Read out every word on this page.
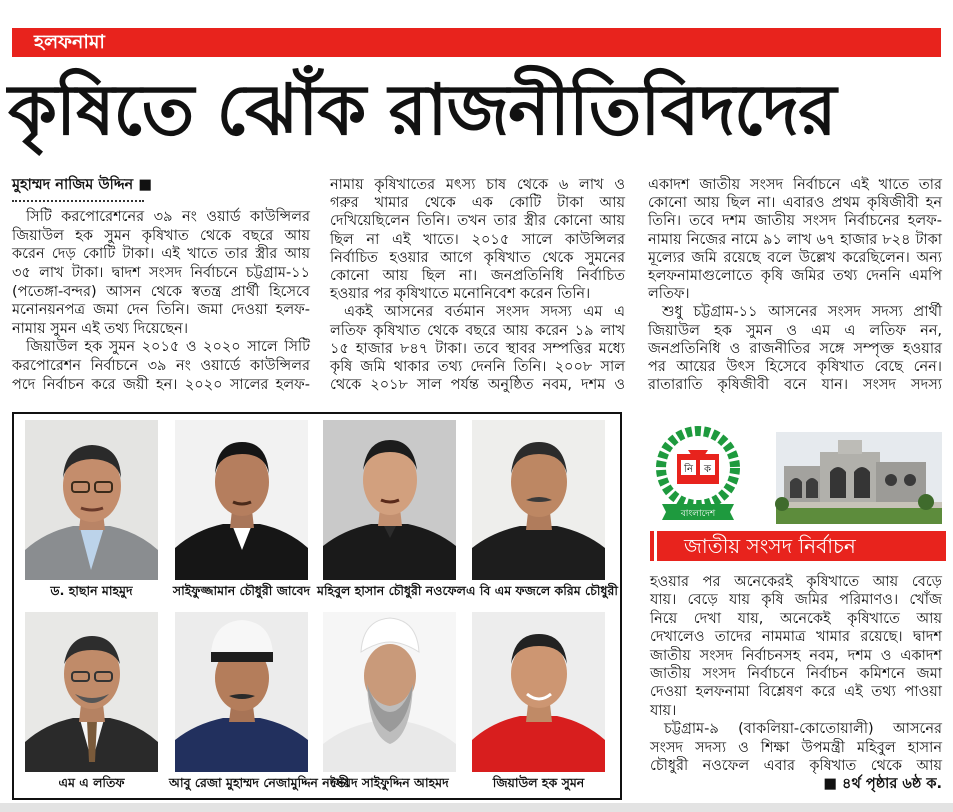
হলফনামা
কৃষিতে ঝোঁক রাজনীতিবিদদের
মুহাম্মদ নাজিম উদ্দিন ■
সিটি করপোরেশনের ৩৯ নং ওয়ার্ড কাউন্সিলর
জিয়াউল হক সুমন কৃষিখাত থেকে বছরে আয়
করেন দেড় কোটি টাকা। এই খাতে তার স্ত্রীর আয়
৩৫ লাখ টাকা। দ্বাদশ সংসদ নির্বাচনে চট্টগ্রাম-১১
(পতেঙ্গা-বন্দর) আসন থেকে স্বতন্ত্র প্রার্থী হিসেবে
মনোনয়নপত্র জমা দেন তিনি। জমা দেওয়া হলফ-
নামায় সুমন এই তথ্য দিয়েছেন।
জিয়াউল হক সুমন ২০১৫ ও ২০২০ সালে সিটি
করপোরেশন নির্বাচনে ৩৯ নং ওয়ার্ডে কাউন্সিলর
পদে নির্বাচন করে জয়ী হন। ২০২০ সালের হলফ-
নামায় কৃষিখাতের মৎস্য চাষ থেকে ৬ লাখ ও
গরুর খামার থেকে এক কোটি টাকা আয়
দেখিয়েছিলেন তিনি। তখন তার স্ত্রীর কোনো আয়
ছিল না এই খাতে। ২০১৫ সালে কাউন্সিলর
নির্বাচিত হওয়ার আগে কৃষিখাত থেকে সুমনের
কোনো আয় ছিল না। জনপ্রতিনিধি নির্বাচিত
হওয়ার পর কৃষিখাতে মনোনিবেশ করেন তিনি।
একই আসনের বর্তমান সংসদ সদস্য এম এ
লতিফ কৃষিখাত থেকে বছরে আয় করেন ১৯ লাখ
১৫ হাজার ৮৪৭ টাকা। তবে স্থাবর সম্পত্তির মধ্যে
কৃষি জমি থাকার তথ্য দেননি তিনি। ২০০৮ সাল
থেকে ২০১৮ সাল পর্যন্ত অনুষ্ঠিত নবম, দশম ও
একাদশ জাতীয় সংসদ নির্বাচনে এই খাতে তার
কোনো আয় ছিল না। এবারও প্রথম কৃষিজীবী হন
তিনি। তবে দশম জাতীয় সংসদ নির্বাচনের হলফ-
নামায় নিজের নামে ৯১ লাখ ৬৭ হাজার ৮২৪ টাকা
মূল্যের জমি রয়েছে বলে উল্লেখ করেছিলেন। অন্য
হলফনামাগুলোতে কৃষি জমির তথ্য দেননি এমপি
লতিফ।
শুধু চট্টগ্রাম-১১ আসনের সংসদ সদস্য প্রার্থী
জিয়াউল হক সুমন ও এম এ লতিফ নন,
জনপ্রতিনিধি ও রাজনীতির সঙ্গে সম্পৃক্ত হওয়ার
পর আয়ের উৎস হিসেবে কৃষিখাত বেছে নেন।
রাতারাতি কৃষিজীবী বনে যান। সংসদ সদস্য
ড. হাছান মাহমুদ	সাইফুজ্জামান চৌধুরী জাবেদ মহিবুল হাসান চৌধুরী নওফেল এ বি এম ফজলে করিম চৌধুরী
এম এ লতিফ	আবু রেজা মুহাম্মদ নেজামুদ্দিন নদভী
সৈয়দ সাইফুদ্দিন আহমদ	জিয়াউল হক সুমন
নি ক
বাংলাদেশ
জাতীয় সংসদ নির্বাচন
হওয়ার পর অনেকেরই কৃষিখাতে আয় বেড়ে
যায়। বেড়ে যায় কৃষি জমির পরিমাণও। খোঁজ
নিয়ে দেখা যায়, অনেকেই কৃষিখাতে আয়
দেখালেও তাদের নামমাত্র খামার রয়েছে। দ্বাদশ
জাতীয় সংসদ নির্বাচনসহ নবম, দশম ও একাদশ
জাতীয় সংসদ নির্বাচনে নির্বাচন কমিশনে জমা
দেওয়া হলফনামা বিশ্লেষণ করে এই তথ্য পাওয়া
যায়।
চট্টগ্রাম-৯ (বাকলিয়া-কোতোয়ালী) আসনের
সংসদ সদস্য ও শিক্ষা উপমন্ত্রী মহিবুল হাসান
চৌধুরী নওফেল এবার কৃষিখাত থেকে আয়
■ ৪র্থ পৃষ্ঠার ৬ষ্ঠ ক.
